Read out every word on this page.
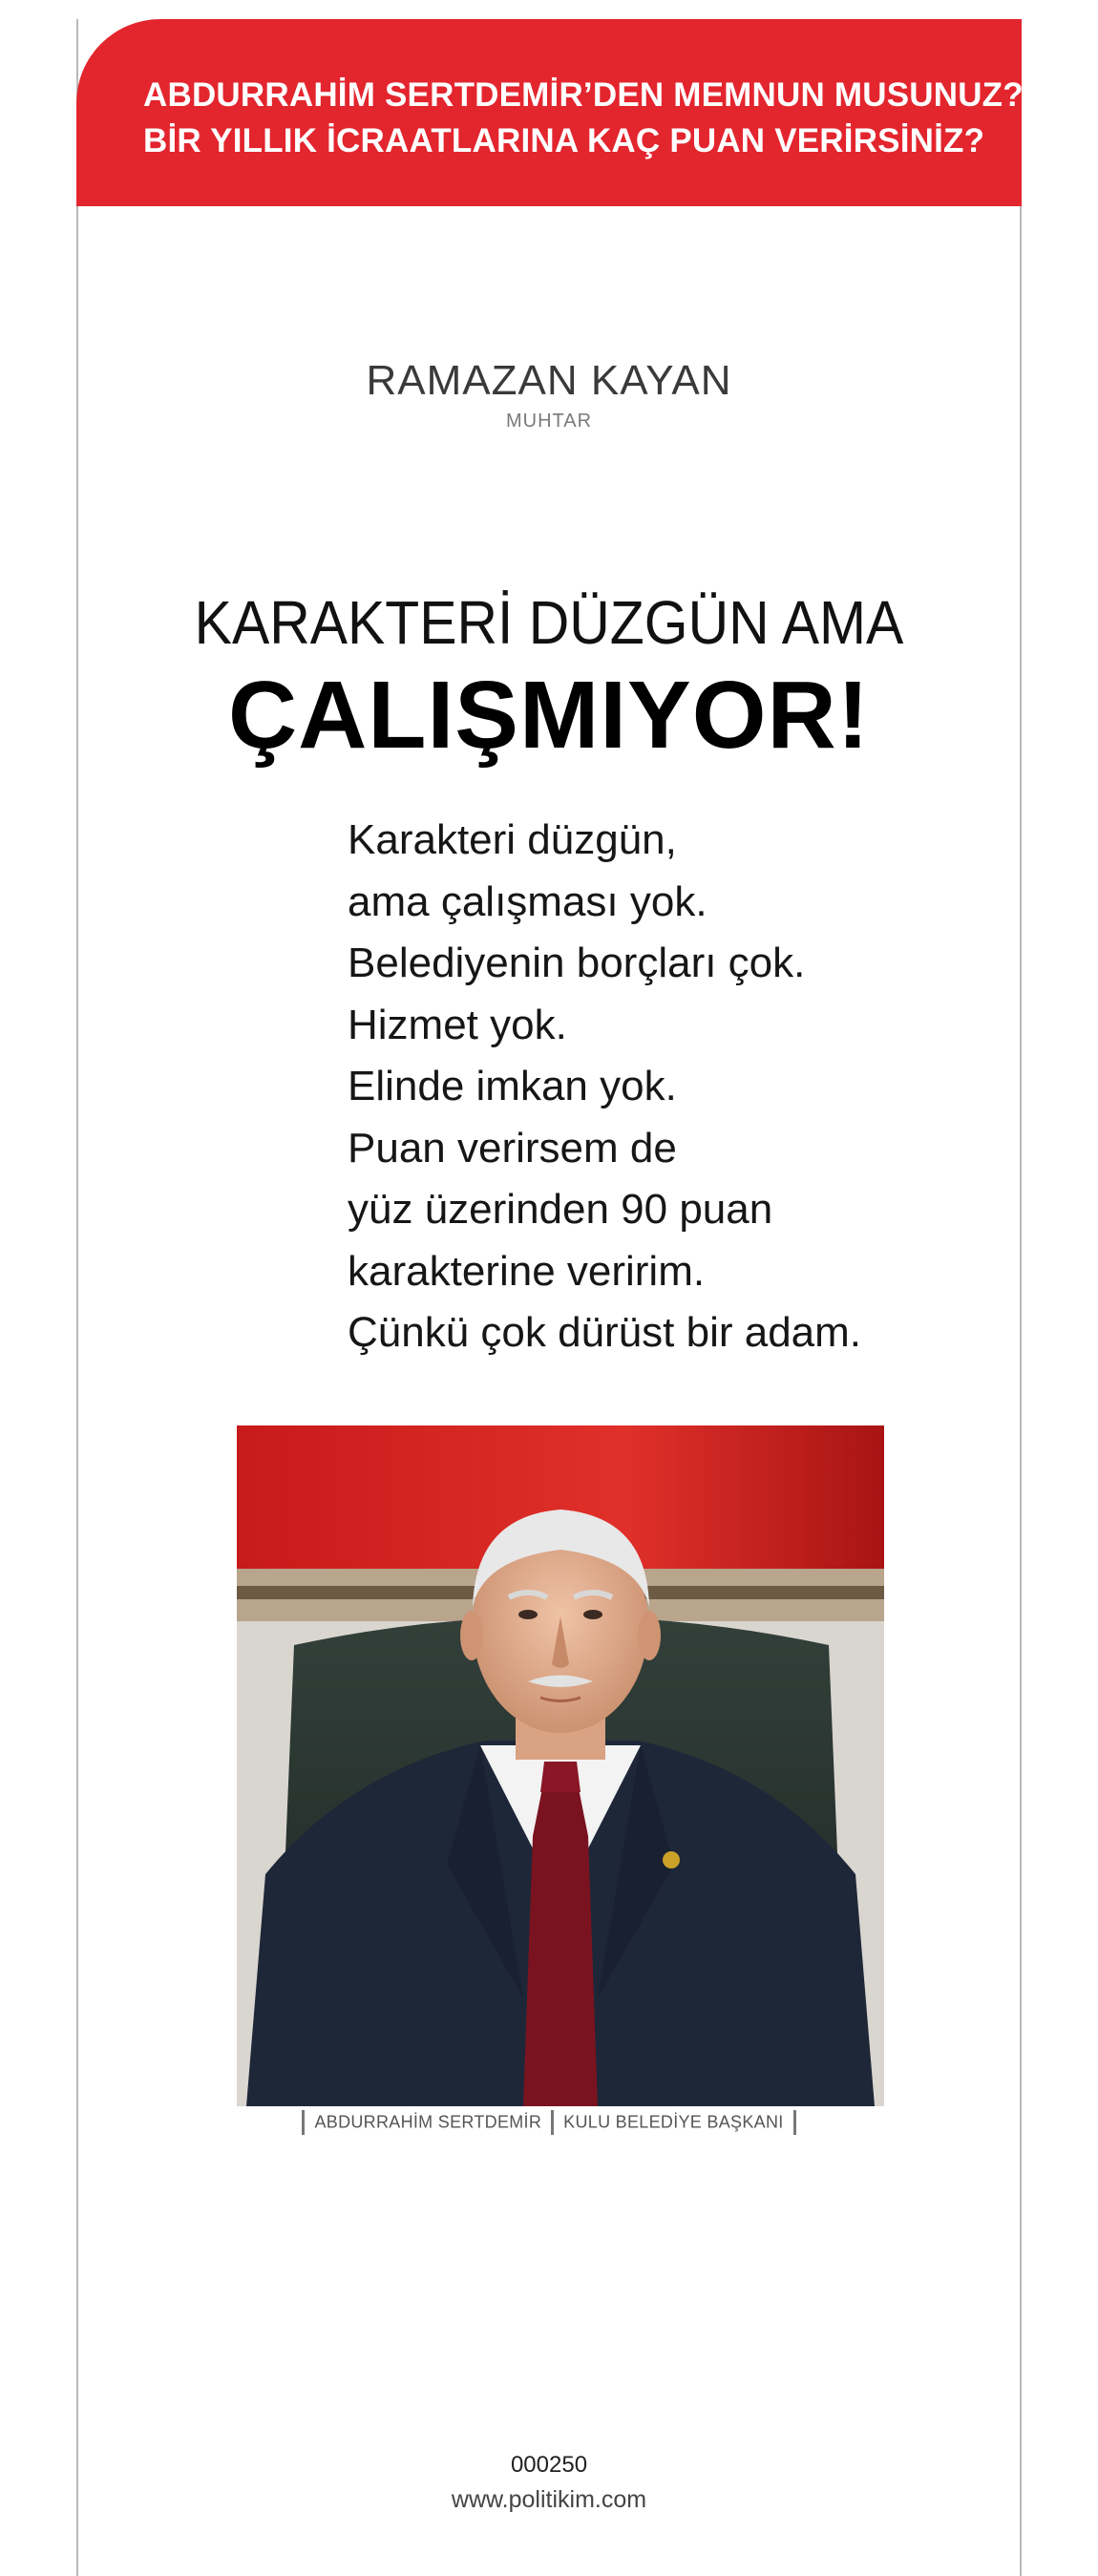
ABDURRAHİM SERTDEMİR’DEN MEMNUN MUSUNUZ?
BİR YILLIK İCRAATLARINA KAÇ PUAN VERİRSİNİZ?
RAMAZAN KAYAN
MUHTAR
KARAKTERİ DÜZGÜN AMA
ÇALIŞMIYOR!
Karakteri düzgün,
ama çalışması yok.
Belediyenin borçları çok.
Hizmet yok.
Elinde imkan yok.
Puan verirsem de
yüz üzerinden 90 puan
karakterine veririm.
Çünkü çok dürüst bir adam.
ABDURRAHİM SERTDEMİR KULU BELEDİYE BAŞKANI
000250
www.politikim.com
